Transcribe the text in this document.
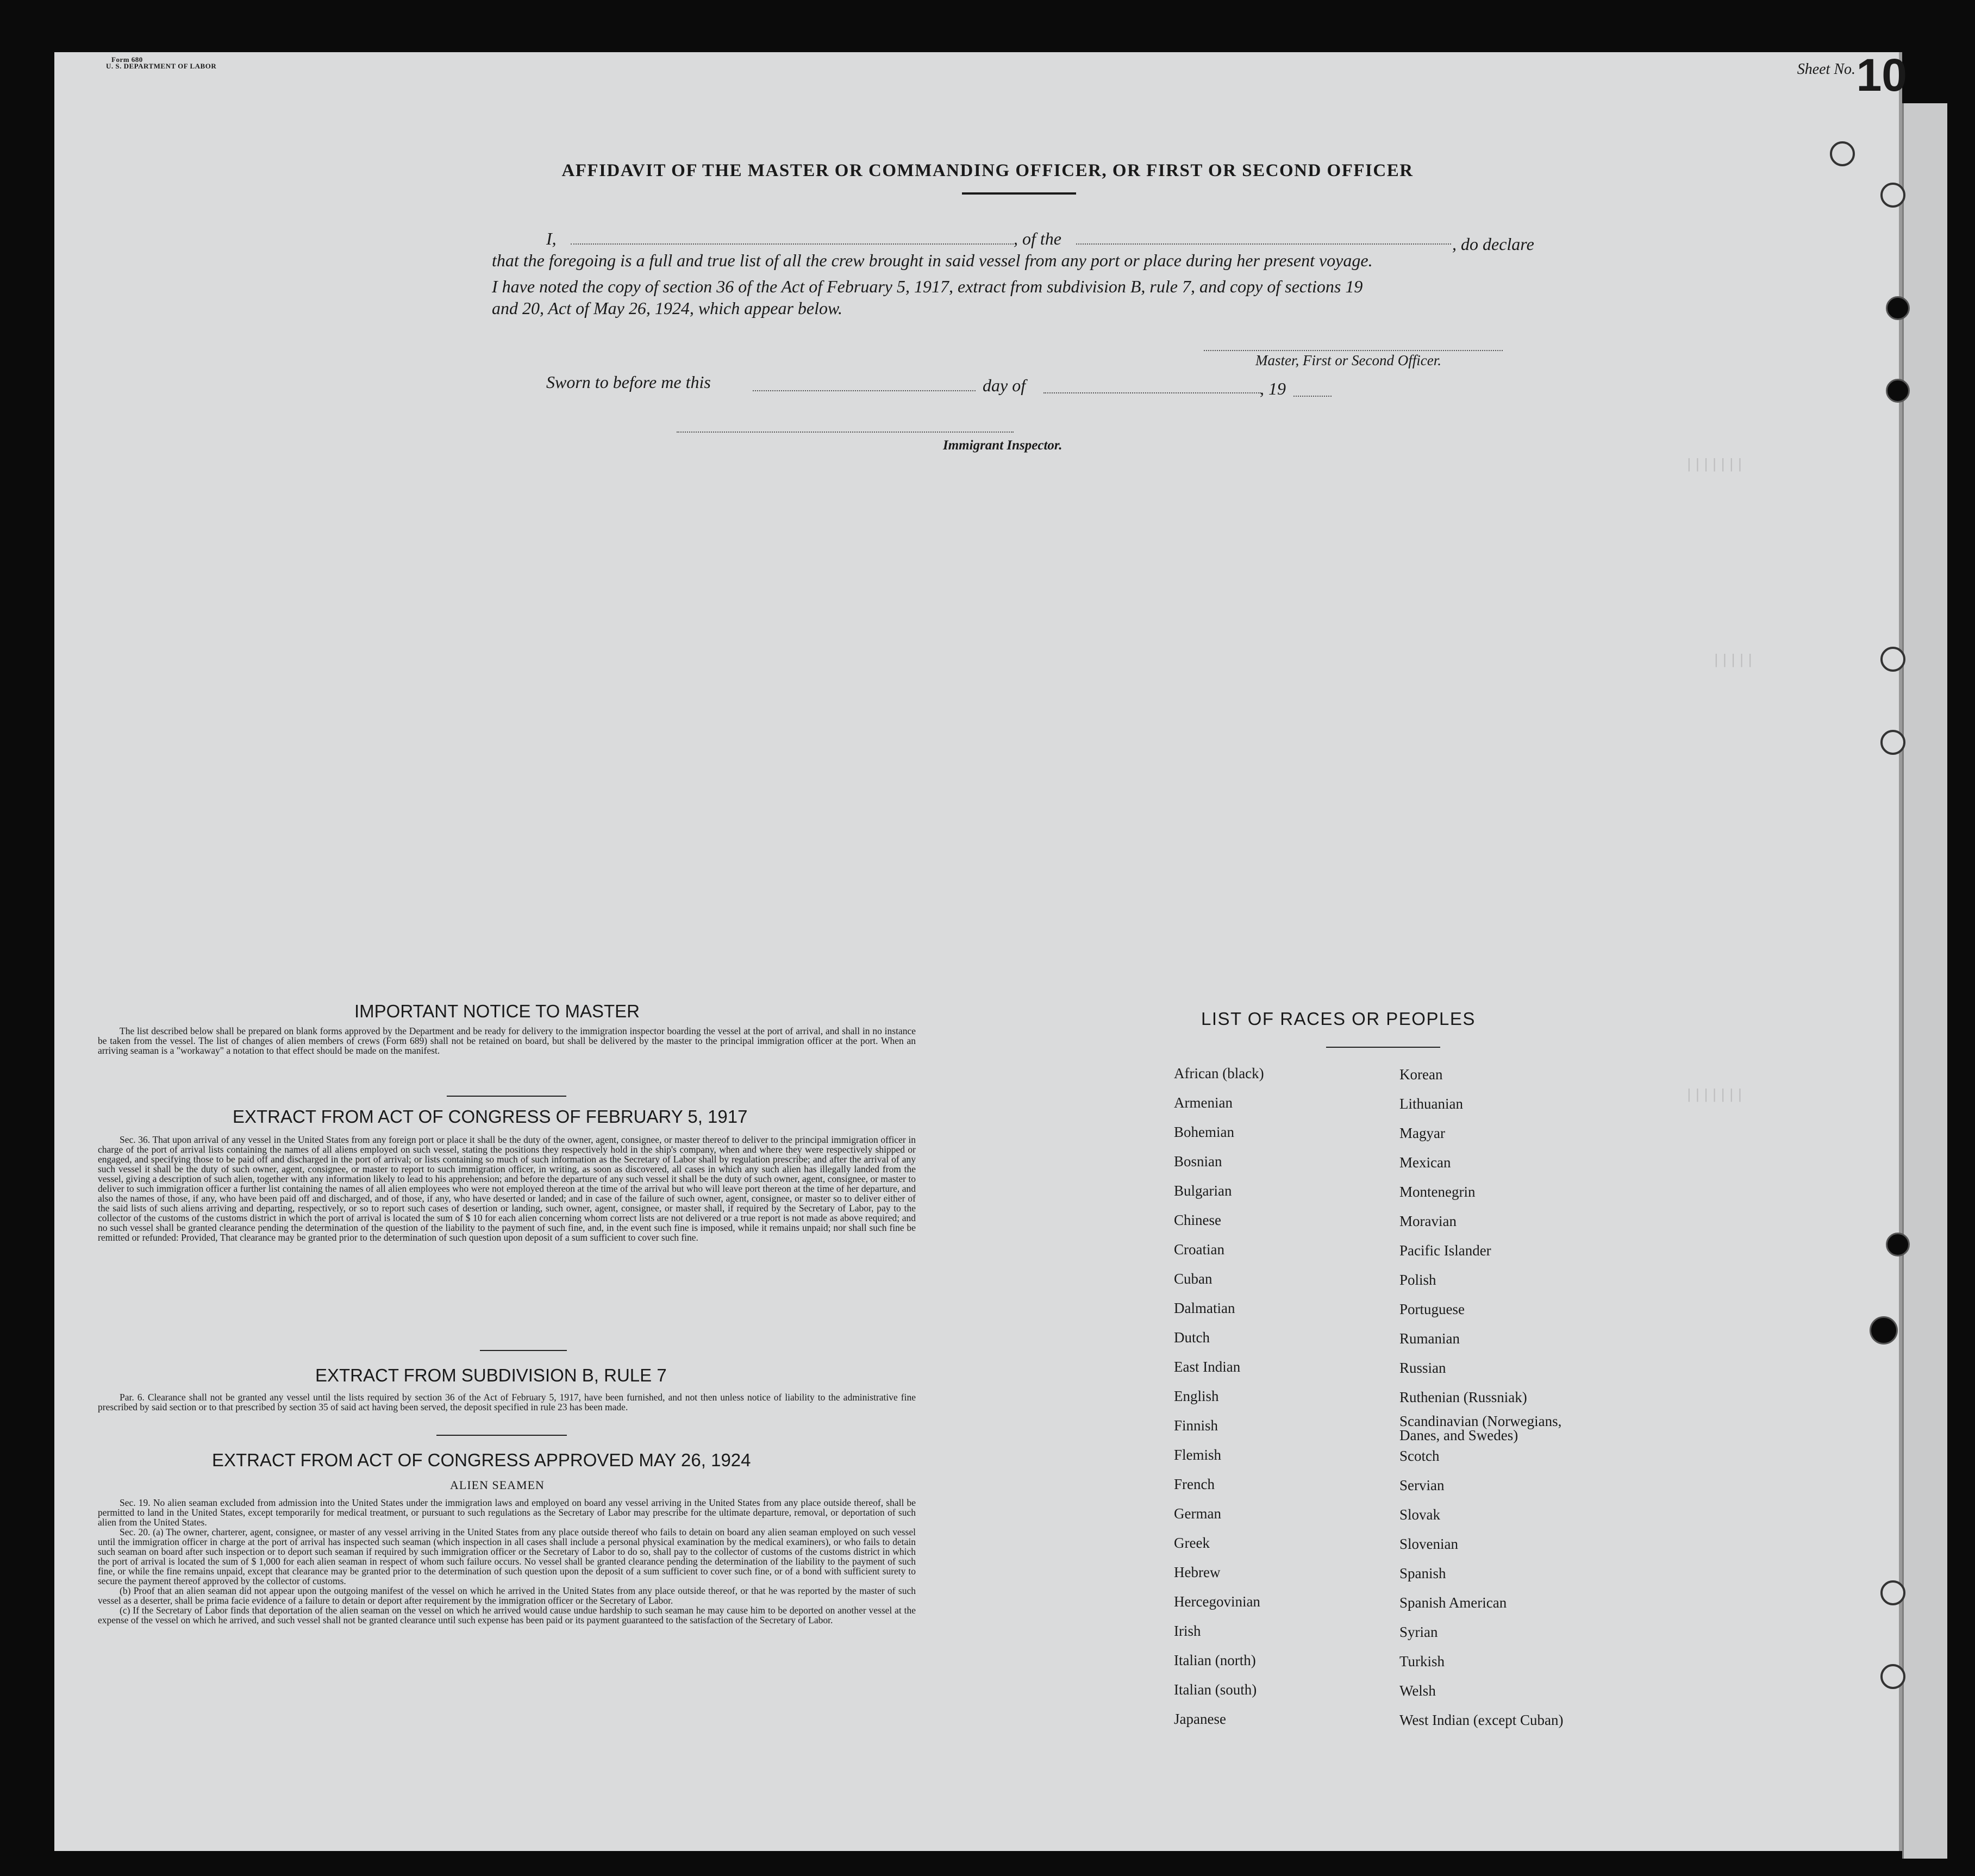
|||||||
|||||
|||||||
Form 680
U. S. DEPARTMENT OF LABOR	Sheet No. 10
AFFIDAVIT OF THE MASTER OR COMMANDING OFFICER, OR FIRST OR SECOND OFFICER
I,	, of the	, do declare
that the foregoing is a full and true list of all the crew brought in said vessel from any port or place during her present voyage.
I have noted the copy of section 36 of the Act of February 5, 1917, extract from subdivision B, rule 7, and copy of sections 19
and 20, Act of May 26, 1924, which appear below.
Master, First or Second Officer.
Sworn to before me this	day of	, 19
Immigrant Inspector.
IMPORTANT NOTICE TO MASTER
The list described below shall be prepared on blank forms approved by the Department and be ready for delivery to the immigration inspector boarding the vessel at the port of arrival, and shall in no instance be taken from the vessel. The list of changes of alien members of crews (Form 689) shall not be retained on board, but shall be delivered by the master to the principal immigration officer at the port. When an arriving seaman is a "workaway" a notation to that effect should be made on the manifest.
EXTRACT FROM ACT OF CONGRESS OF FEBRUARY 5, 1917
Sec. 36. That upon arrival of any vessel in the United States from any foreign port or place it shall be the duty of the owner, agent, consignee, or master thereof to deliver to the principal immigration officer in charge of the port of arrival lists containing the names of all aliens employed on such vessel, stating the positions they respectively hold in the ship's company, when and where they were respectively shipped or engaged, and specifying those to be paid off and discharged in the port of arrival; or lists containing so much of such information as the Secretary of Labor shall by regulation prescribe; and after the arrival of any such vessel it shall be the duty of such owner, agent, consignee, or master to report to such immigration officer, in writing, as soon as discovered, all cases in which any such alien has illegally landed from the vessel, giving a description of such alien, together with any information likely to lead to his apprehension; and before the departure of any such vessel it shall be the duty of such owner, agent, consignee, or master to deliver to such immigration officer a further list containing the names of all alien employees who were not employed thereon at the time of the arrival but who will leave port thereon at the time of her departure, and also the names of those, if any, who have been paid off and discharged, and of those, if any, who have deserted or landed; and in case of the failure of such owner, agent, consignee, or master so to deliver either of the said lists of such aliens arriving and departing, respectively, or so to report such cases of desertion or landing, such owner, agent, consignee, or master shall, if required by the Secretary of Labor, pay to the collector of the customs of the customs district in which the port of arrival is located the sum of $ 10 for each alien concerning whom correct lists are not delivered or a true report is not made as above required; and no such vessel shall be granted clearance pending the determination of the question of the liability to the payment of such fine, and, in the event such fine is imposed, while it remains unpaid; nor shall such fine be remitted or refunded: Provided, That clearance may be granted prior to the determination of such question upon deposit of a sum sufficient to cover such fine.
EXTRACT FROM SUBDIVISION B, RULE 7
Par. 6. Clearance shall not be granted any vessel until the lists required by section 36 of the Act of February 5, 1917, have been furnished, and not then unless notice of liability to the administrative fine prescribed by said section or to that prescribed by section 35 of said act having been served, the deposit specified in rule 23 has been made.
EXTRACT FROM ACT OF CONGRESS APPROVED MAY 26, 1924
ALIEN SEAMEN

Sec. 19. No alien seaman excluded from admission into the United States under the immigration laws and employed on board any vessel arriving in the United States from any place outside thereof, shall be permitted to land in the United States, except temporarily for medical treatment, or pursuant to such regulations as the Secretary of Labor may prescribe for the ultimate departure, removal, or deportation of such alien from the United States.

Sec. 20. (a) The owner, charterer, agent, consignee, or master of any vessel arriving in the United States from any place outside thereof who fails to detain on board any alien seaman employed on such vessel until the immigration officer in charge at the port of arrival has inspected such seaman (which inspection in all cases shall include a personal physical examination by the medical examiners), or who fails to detain such seaman on board after such inspection or to deport such seaman if required by such immigration officer or the Secretary of Labor to do so, shall pay to the collector of customs of the customs district in which the port of arrival is located the sum of $ 1,000 for each alien seaman in respect of whom such failure occurs. No vessel shall be granted clearance pending the determination of the liability to the payment of such fine, or while the fine remains unpaid, except that clearance may be granted prior to the determination of such question upon the deposit of a sum sufficient to cover such fine, or of a bond with sufficient surety to secure the payment thereof approved by the collector of customs.

(b) Proof that an alien seaman did not appear upon the outgoing manifest of the vessel on which he arrived in the United States from any place outside thereof, or that he was reported by the master of such vessel as a deserter, shall be prima facie evidence of a failure to detain or deport after requirement by the immigration officer or the Secretary of Labor.

(c) If the Secretary of Labor finds that deportation of the alien seaman on the vessel on which he arrived would cause undue hardship to such seaman he may cause him to be deported on another vessel at the expense of the vessel on which he arrived, and such vessel shall not be granted clearance until such expense has been paid or its payment guaranteed to the satisfaction of the Secretary of Labor.

LIST OF RACES OR PEOPLES
African (black)
Armenian
Bohemian
Bosnian
Bulgarian
Chinese
Croatian
Cuban
Dalmatian
Dutch
East Indian
English
Finnish
Flemish
French
German
Greek
Hebrew
Hercegovinian
Irish
Italian (north)
Italian (south)
Japanese
Korean
Lithuanian
Magyar
Mexican
Montenegrin
Moravian
Pacific Islander
Polish
Portuguese
Rumanian
Russian
Ruthenian (Russniak)
Scandinavian (Norwegians, Danes, and Swedes)
Scotch
Servian
Slovak
Slovenian
Spanish
Spanish American
Syrian
Turkish
Welsh
West Indian (except Cuban)
